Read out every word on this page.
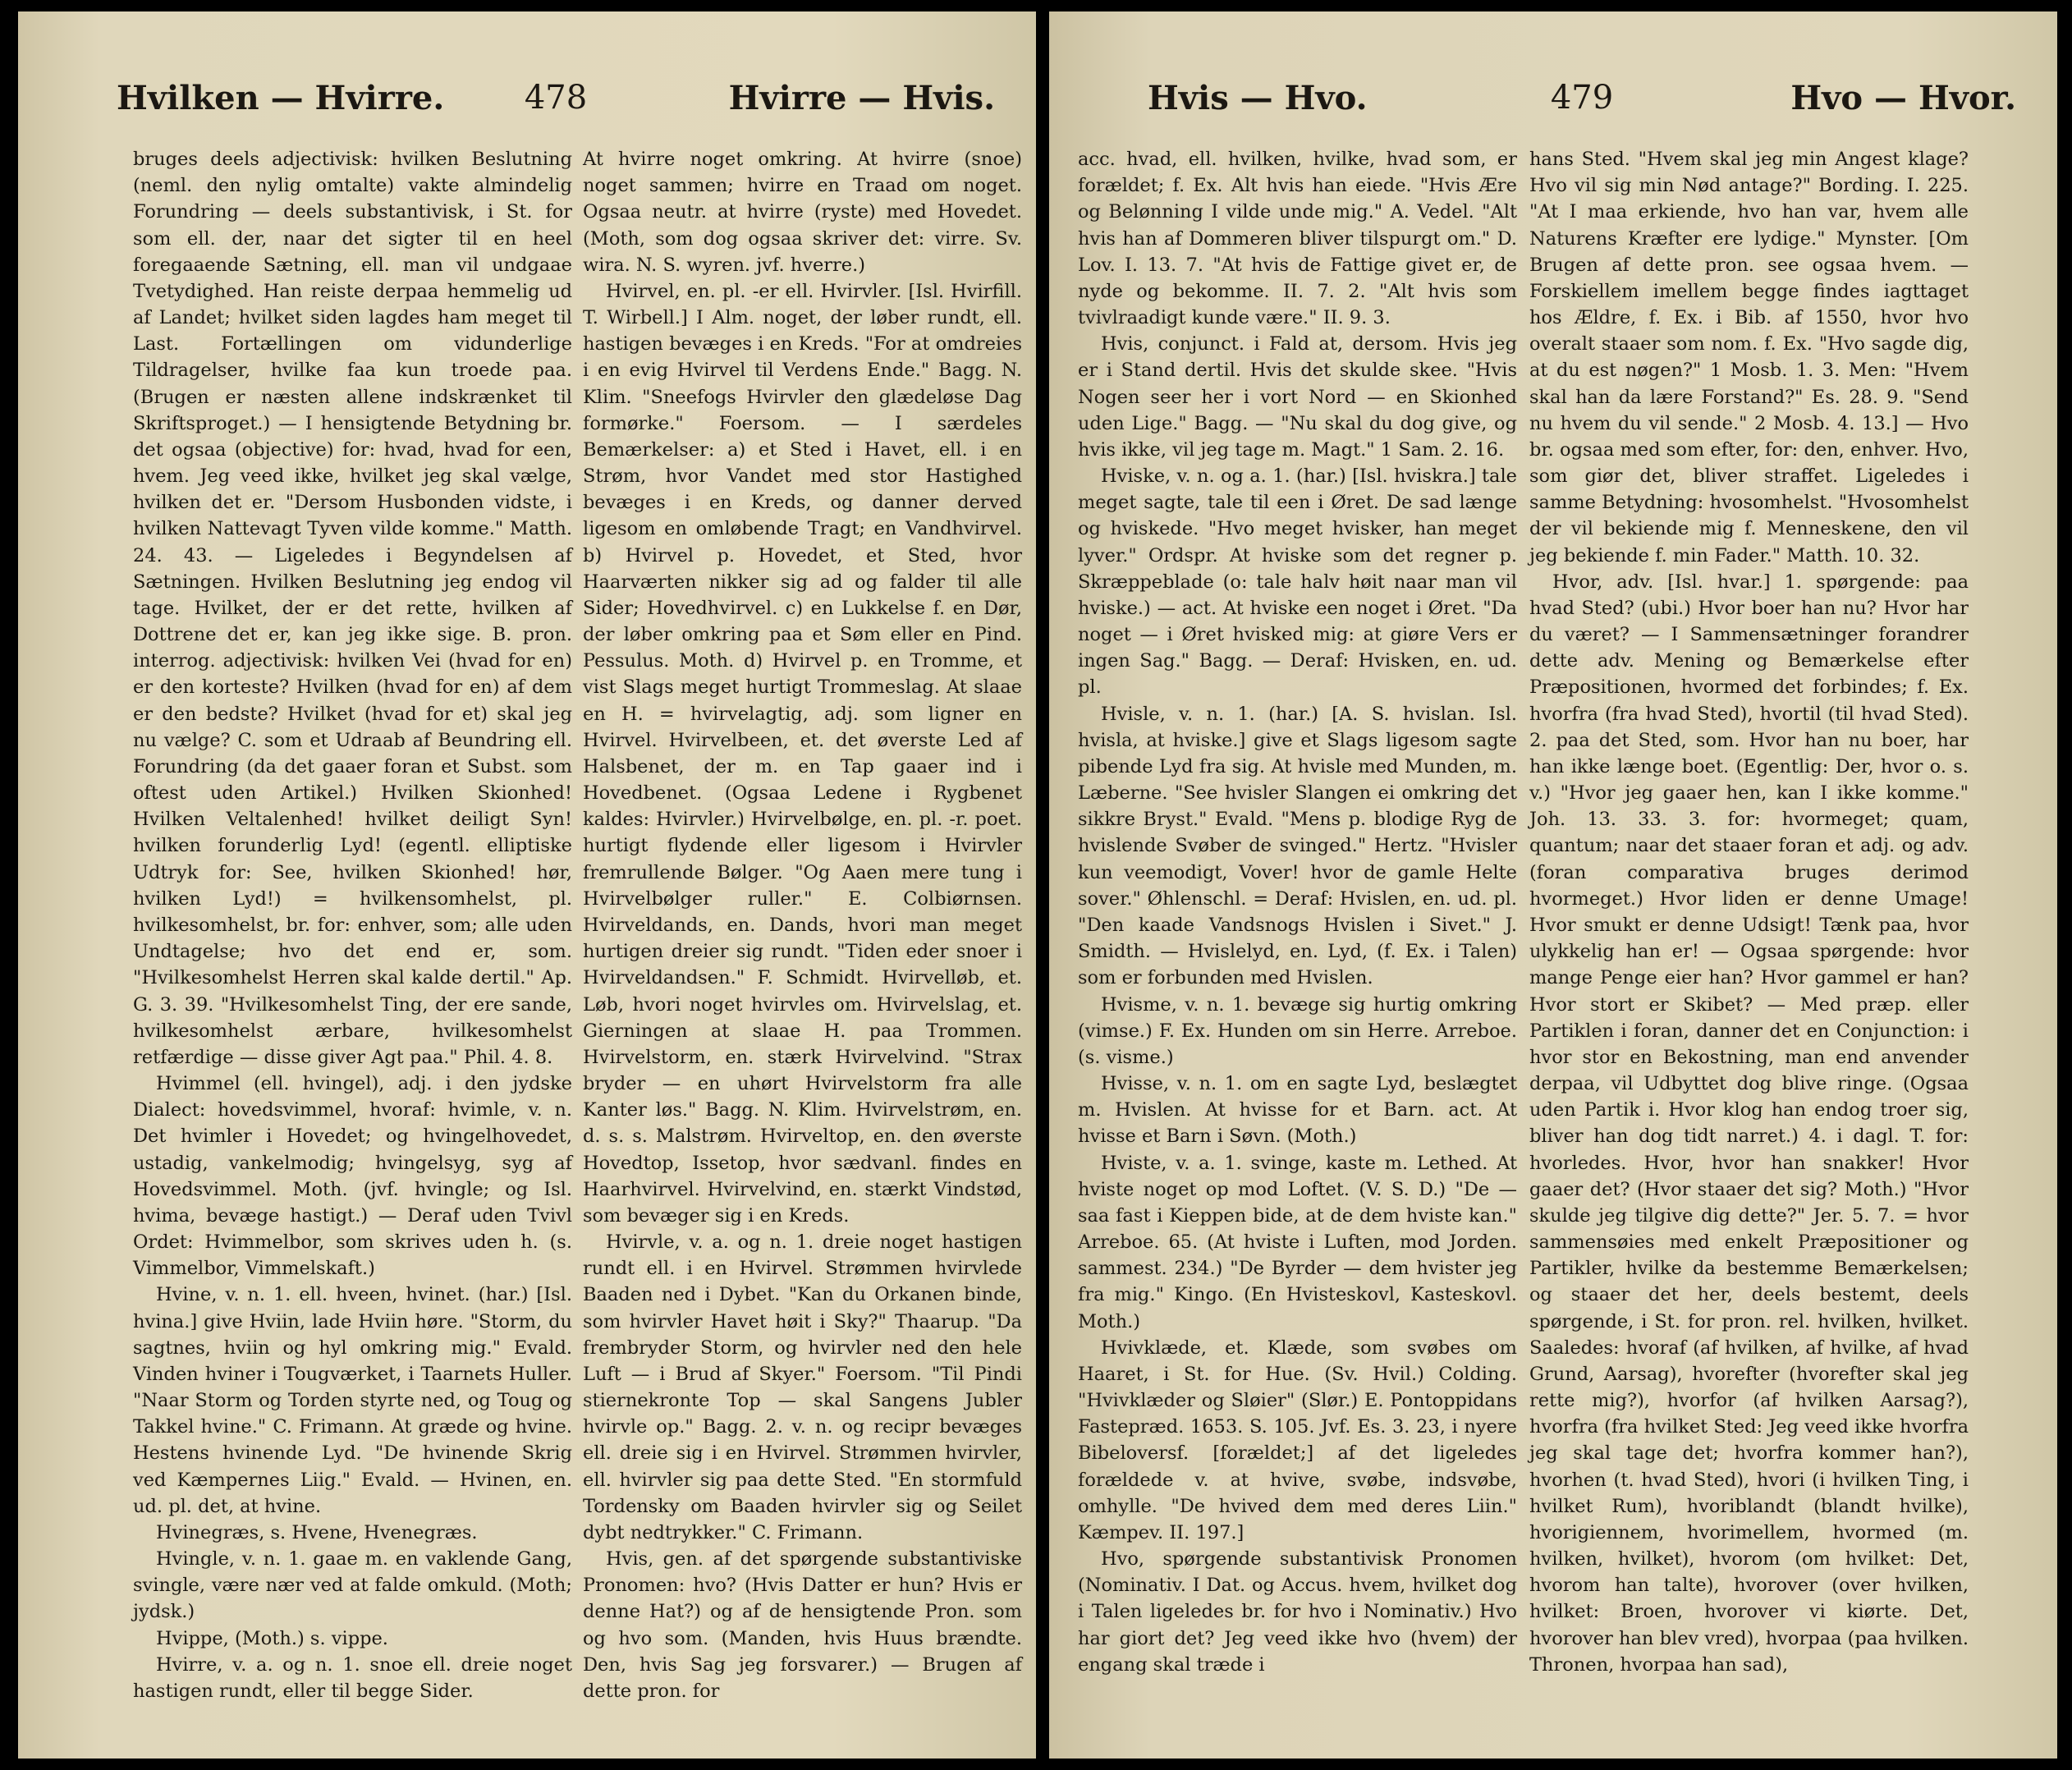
Hvilken — Hvirre. 478	Hvirre — Hvis.

bruges deels adjectivisk: hvilken Beslutning (neml. den nylig omtalte) vakte almindelig Forundring — deels substantivisk, i St. for som ell. der, naar det sigter til en heel foregaaende Sætning, ell. man vil undgaae Tvetydighed. Han reiste derpaa hemmelig ud af Landet; hvilket siden lagdes ham meget til Last. Fortællingen om vidunderlige Tildragelser, hvilke faa kun troede paa. (Brugen er næsten allene indskrænket til Skriftsproget.) — I hensigtende Betydning br. det ogsaa (objective) for: hvad, hvad for een, hvem. Jeg veed ikke, hvilket jeg skal vælge, hvilken det er. "Dersom Husbonden vidste, i hvilken Nattevagt Tyven vilde komme." Matth. 24. 43. — Ligeledes i Begyndelsen af Sætningen. Hvilken Beslutning jeg endog vil tage. Hvilket, der er det rette, hvilken af Dottrene det er, kan jeg ikke sige. B. pron. interrog. adjectivisk: hvilken Vei (hvad for en) er den korteste? Hvilken (hvad for en) af dem er den bedste? Hvilket (hvad for et) skal jeg nu vælge? C. som et Udraab af Beundring ell. Forundring (da det gaaer foran et Subst. som oftest uden Artikel.) Hvilken Skionhed! Hvilken Veltalenhed! hvilket deiligt Syn! hvilken forunderlig Lyd! (egentl. elliptiske Udtryk for: See, hvilken Skionhed! hør, hvilken Lyd!) = hvilkensomhelst, pl. hvilkesomhelst, br. for: enhver, som; alle uden Undtagelse; hvo det end er, som. "Hvilkesomhelst Herren skal kalde dertil." Ap. G. 3. 39. "Hvilkesomhelst Ting, der ere sande, hvilkesomhelst ærbare, hvilkesomhelst retfærdige — disse giver Agt paa." Phil. 4. 8.

Hvimmel (ell. hvingel), adj. i den jydske Dialect: hovedsvimmel, hvoraf: hvimle, v. n. Det hvimler i Hovedet; og hvingelhovedet, ustadig, vankelmodig; hvingelsyg, syg af Hovedsvimmel. Moth. (jvf. hvingle; og Isl. hvima, bevæge hastigt.) — Deraf uden Tvivl Ordet: Hvimmelbor, som skrives uden h. (s. Vimmelbor, Vimmelskaft.)

Hvine, v. n. 1. ell. hveen, hvinet. (har.) [Isl. hvina.] give Hviin, lade Hviin høre. "Storm, du sagtnes, hviin og hyl omkring mig." Evald. Vinden hviner i Tougværket, i Taarnets Huller. "Naar Storm og Torden styrte ned, og Toug og Takkel hvine." C. Frimann. At græde og hvine. Hestens hvinende Lyd. "De hvinende Skrig ved Kæmpernes Liig." Evald. — Hvinen, en. ud. pl. det, at hvine.

Hvinegræs, s. Hvene, Hvenegræs.

Hvingle, v. n. 1. gaae m. en vaklende Gang, svingle, være nær ved at falde omkuld. (Moth; jydsk.)

Hvippe, (Moth.) s. vippe.

Hvirre, v. a. og n. 1. snoe ell. dreie noget hastigen rundt, eller til begge Sider.

At hvirre noget omkring. At hvirre (snoe) noget sammen; hvirre en Traad om noget. Ogsaa neutr. at hvirre (ryste) med Hovedet. (Moth, som dog ogsaa skriver det: virre. Sv. wira. N. S. wyren. jvf. hverre.)

Hvirvel, en. pl. -er ell. Hvirvler. [Isl. Hvirfill. T. Wirbell.] I Alm. noget, der løber rundt, ell. hastigen bevæges i en Kreds. "For at omdreies i en evig Hvirvel til Verdens Ende." Bagg. N. Klim. "Sneefogs Hvirvler den glædeløse Dag formørke." Foersom. — I særdeles Bemærkelser: a) et Sted i Havet, ell. i en Strøm, hvor Vandet med stor Hastighed bevæges i en Kreds, og danner derved ligesom en omløbende Tragt; en Vandhvirvel. b) Hvirvel p. Hovedet, et Sted, hvor Haarværten nikker sig ad og falder til alle Sider; Hovedhvirvel. c) en Lukkelse f. en Dør, der løber omkring paa et Søm eller en Pind. Pessulus. Moth. d) Hvirvel p. en Tromme, et vist Slags meget hurtigt Trommeslag. At slaae en H. = hvirvelagtig, adj. som ligner en Hvirvel. Hvirvelbeen, et. det øverste Led af Halsbenet, der m. en Tap gaaer ind i Hovedbenet. (Ogsaa Ledene i Rygbenet kaldes: Hvirvler.) Hvirvelbølge, en. pl. -r. poet. hurtigt flydende eller ligesom i Hvirvler fremrullende Bølger. "Og Aaen mere tung i Hvirvelbølger ruller." E. Colbiørnsen. Hvirveldands, en. Dands, hvori man meget hurtigen dreier sig rundt. "Tiden eder snoer i Hvirveldandsen." F. Schmidt. Hvirvelløb, et. Løb, hvori noget hvirvles om. Hvirvelslag, et. Gierningen at slaae H. paa Trommen. Hvirvelstorm, en. stærk Hvirvelvind. "Strax bryder — en uhørt Hvirvelstorm fra alle Kanter løs." Bagg. N. Klim. Hvirvelstrøm, en. d. s. s. Malstrøm. Hvirveltop, en. den øverste Hovedtop, Issetop, hvor sædvanl. findes en Haarhvirvel. Hvirvelvind, en. stærkt Vindstød, som bevæger sig i en Kreds.

Hvirvle, v. a. og n. 1. dreie noget hastigen rundt ell. i en Hvirvel. Strømmen hvirvlede Baaden ned i Dybet. "Kan du Orkanen binde, som hvirvler Havet høit i Sky?" Thaarup. "Da frembryder Storm, og hvirvler ned den hele Luft — i Brud af Skyer." Foersom. "Til Pindi stiernekronte Top — skal Sangens Jubler hvirvle op." Bagg. 2. v. n. og recipr bevæges ell. dreie sig i en Hvirvel. Strømmen hvirvler, ell. hvirvler sig paa dette Sted. "En stormfuld Tordensky om Baaden hvirvler sig og Seilet dybt nedtrykker." C. Frimann.

Hvis, gen. af det spørgende substantiviske Pronomen: hvo? (Hvis Datter er hun? Hvis er denne Hat?) og af de hensigtende Pron. som og hvo som. (Manden, hvis Huus brændte. Den, hvis Sag jeg forsvarer.) — Brugen af dette pron. for

Hvis — Hvo.	479	Hvo — Hvor.

acc. hvad, ell. hvilken, hvilke, hvad som, er forældet; f. Ex. Alt hvis han eiede. "Hvis Ære og Belønning I vilde unde mig." A. Vedel. "Alt hvis han af Dommeren bliver tilspurgt om." D. Lov. I. 13. 7. "At hvis de Fattige givet er, de nyde og bekomme. II. 7. 2. "Alt hvis som tvivlraadigt kunde være." II. 9. 3.

Hvis, conjunct. i Fald at, dersom. Hvis jeg er i Stand dertil. Hvis det skulde skee. "Hvis Nogen seer her i vort Nord — en Skionhed uden Lige." Bagg. — "Nu skal du dog give, og hvis ikke, vil jeg tage m. Magt." 1 Sam. 2. 16.

Hviske, v. n. og a. 1. (har.) [Isl. hviskra.] tale meget sagte, tale til een i Øret. De sad længe og hviskede. "Hvo meget hvisker, han meget lyver." Ordspr. At hviske som det regner p. Skræppeblade (o: tale halv høit naar man vil hviske.) — act. At hviske een noget i Øret. "Da noget — i Øret hvisked mig: at giøre Vers er ingen Sag." Bagg. — Deraf: Hvisken, en. ud. pl.

Hvisle, v. n. 1. (har.) [A. S. hvislan. Isl. hvisla, at hviske.] give et Slags ligesom sagte pibende Lyd fra sig. At hvisle med Munden, m. Læberne. "See hvisler Slangen ei omkring det sikkre Bryst." Evald. "Mens p. blodige Ryg de hvislende Svøber de svinged." Hertz. "Hvisler kun veemodigt, Vover! hvor de gamle Helte sover." Øhlenschl. = Deraf: Hvislen, en. ud. pl. "Den kaade Vandsnogs Hvislen i Sivet." J. Smidth. — Hvislelyd, en. Lyd, (f. Ex. i Talen) som er forbunden med Hvislen.

Hvisme, v. n. 1. bevæge sig hurtig omkring (vimse.) F. Ex. Hunden om sin Herre. Arreboe. (s. visme.)

Hvisse, v. n. 1. om en sagte Lyd, beslægtet m. Hvislen. At hvisse for et Barn. act. At hvisse et Barn i Søvn. (Moth.)

Hviste, v. a. 1. svinge, kaste m. Lethed. At hviste noget op mod Loftet. (V. S. D.) "De — saa fast i Kieppen bide, at de dem hviste kan." Arreboe. 65. (At hviste i Luften, mod Jorden. sammest. 234.) "De Byrder — dem hvister jeg fra mig." Kingo. (En Hvisteskovl, Kasteskovl. Moth.)

Hvivklæde, et. Klæde, som svøbes om Haaret, i St. for Hue. (Sv. Hvil.) Colding. "Hvivklæder og Sløier" (Slør.) E. Pontoppidans Fastepræd. 1653. S. 105. Jvf. Es. 3. 23, i nyere Bibeloversf. [forældet;] af det ligeledes forældede v. at hvive, svøbe, indsvøbe, omhylle. "De hvived dem med deres Liin." Kæmpev. II. 197.]

Hvo, spørgende substantivisk Pronomen (Nominativ. I Dat. og Accus. hvem, hvilket dog i Talen ligeledes br. for hvo i Nominativ.) Hvo har giort det? Jeg veed ikke hvo (hvem) der engang skal træde i

hans Sted. "Hvem skal jeg min Angest klage? Hvo vil sig min Nød antage?" Bording. I. 225. "At I maa erkiende, hvo han var, hvem alle Naturens Kræfter ere lydige." Mynster. [Om Brugen af dette pron. see ogsaa hvem. — Forskiellem imellem begge findes iagttaget hos Ældre, f. Ex. i Bib. af 1550, hvor hvo overalt staaer som nom. f. Ex. "Hvo sagde dig, at du est nøgen?" 1 Mosb. 1. 3. Men: "Hvem skal han da lære Forstand?" Es. 28. 9. "Send nu hvem du vil sende." 2 Mosb. 4. 13.] — Hvo br. ogsaa med som efter, for: den, enhver. Hvo, som giør det, bliver straffet. Ligeledes i samme Betydning: hvosomhelst. "Hvosomhelst der vil bekiende mig f. Menneskene, den vil jeg bekiende f. min Fader." Matth. 10. 32.

Hvor, adv. [Isl. hvar.] 1. spørgende: paa hvad Sted? (ubi.) Hvor boer han nu? Hvor har du været? — I Sammensætninger forandrer dette adv. Mening og Bemærkelse efter Præpositionen, hvormed det forbindes; f. Ex. hvorfra (fra hvad Sted), hvortil (til hvad Sted). 2. paa det Sted, som. Hvor han nu boer, har han ikke længe boet. (Egentlig: Der, hvor o. s. v.) "Hvor jeg gaaer hen, kan I ikke komme." Joh. 13. 33. 3. for: hvormeget; quam, quantum; naar det staaer foran et adj. og adv. (foran comparativa bruges derimod hvormeget.) Hvor liden er denne Umage! Hvor smukt er denne Udsigt! Tænk paa, hvor ulykkelig han er! — Ogsaa spørgende: hvor mange Penge eier han? Hvor gammel er han? Hvor stort er Skibet? — Med præp. eller Partiklen i foran, danner det en Conjunction: i hvor stor en Bekostning, man end anvender derpaa, vil Udbyttet dog blive ringe. (Ogsaa uden Partik i. Hvor klog han endog troer sig, bliver han dog tidt narret.) 4. i dagl. T. for: hvorledes. Hvor, hvor han snakker! Hvor gaaer det? (Hvor staaer det sig? Moth.) "Hvor skulde jeg tilgive dig dette?" Jer. 5. 7. = hvor sammensøies med enkelt Præpositioner og Partikler, hvilke da bestemme Bemærkelsen; og staaer det her, deels bestemt, deels spørgende, i St. for pron. rel. hvilken, hvilket. Saaledes: hvoraf (af hvilken, af hvilke, af hvad Grund, Aarsag), hvorefter (hvorefter skal jeg rette mig?), hvorfor (af hvilken Aarsag?), hvorfra (fra hvilket Sted: Jeg veed ikke hvorfra jeg skal tage det; hvorfra kommer han?), hvorhen (t. hvad Sted), hvori (i hvilken Ting, i hvilket Rum), hvoriblandt (blandt hvilke), hvorigiennem, hvorimellem, hvormed (m. hvilken, hvilket), hvorom (om hvilket: Det, hvorom han talte), hvorover (over hvilken, hvilket: Broen, hvorover vi kiørte. Det, hvorover han blev vred), hvorpaa (paa hvilken. Thronen, hvorpaa han sad),
